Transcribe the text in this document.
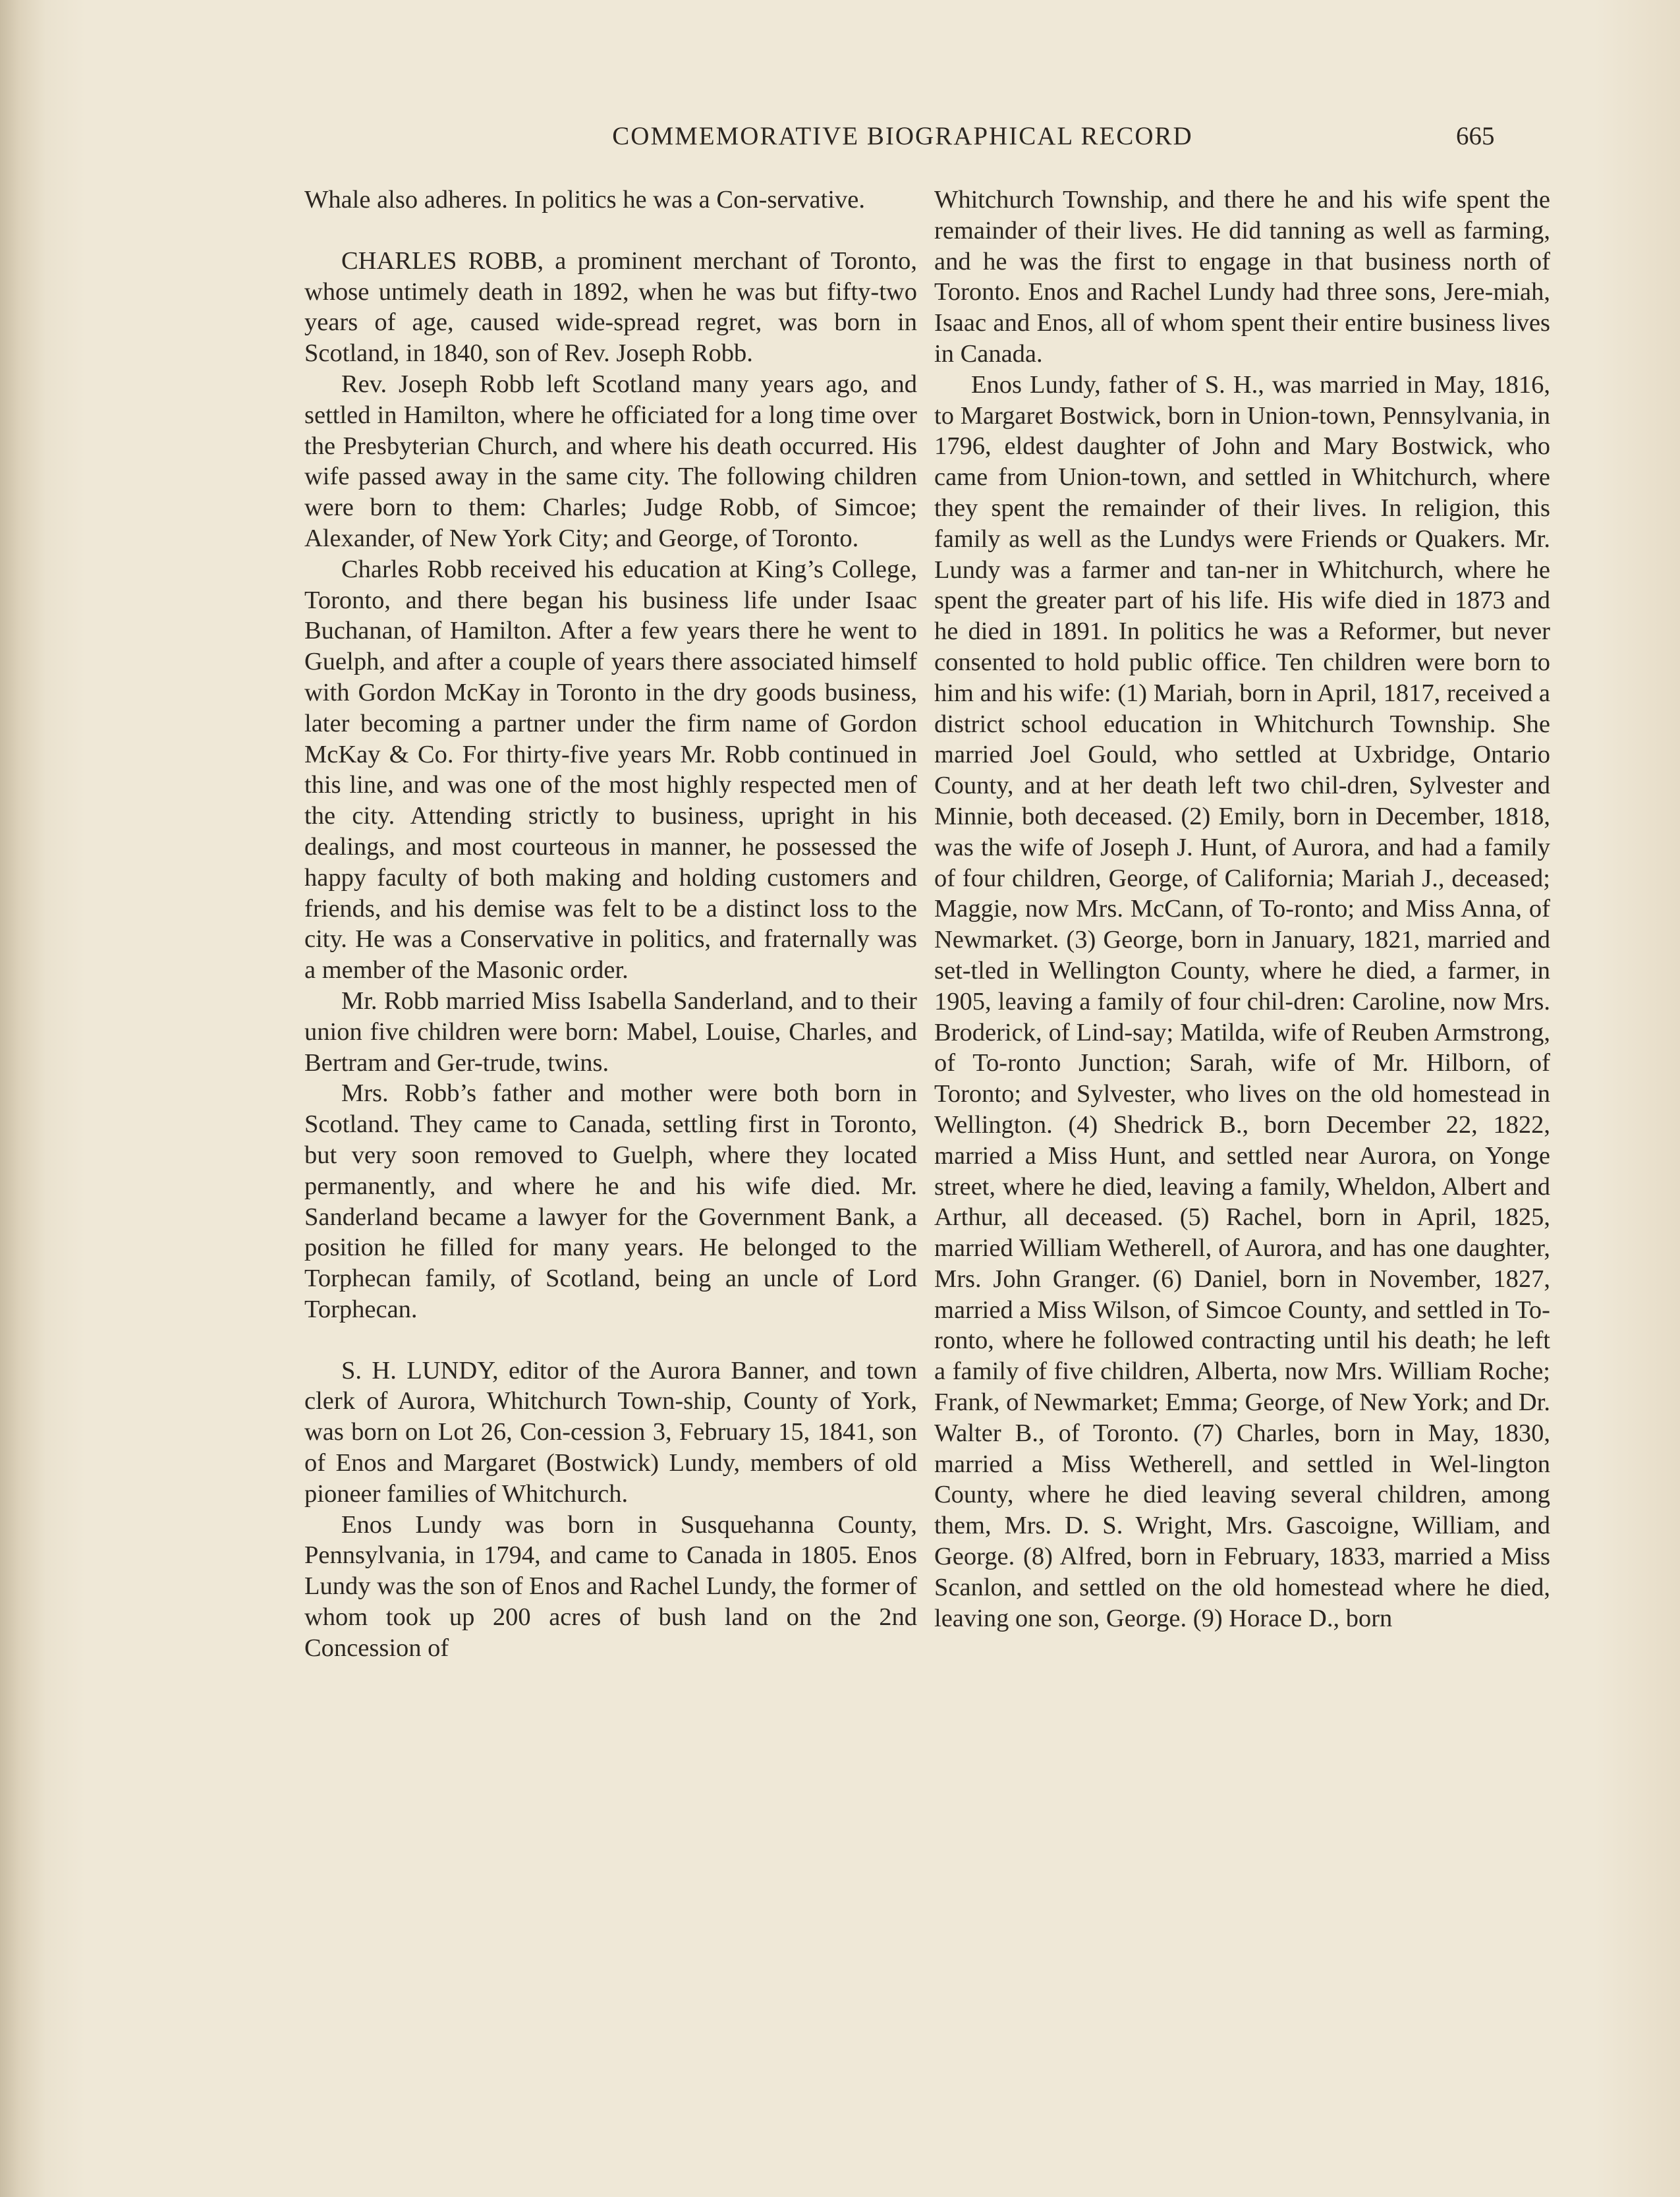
COMMEMORATIVE BIOGRAPHICAL RECORD	665

Whale also adheres. In politics he was a Con-servative.

CHARLES ROBB, a prominent merchant of Toronto, whose untimely death in 1892, when he was but fifty-two years of age, caused wide-spread regret, was born in Scotland, in 1840, son of Rev. Joseph Robb.

Rev. Joseph Robb left Scotland many years ago, and settled in Hamilton, where he officiated for a long time over the Presbyterian Church, and where his death occurred. His wife passed away in the same city. The following children were born to them: Charles; Judge Robb, of Simcoe; Alexander, of New York City; and George, of Toronto.

Charles Robb received his education at King’s College, Toronto, and there began his business life under Isaac Buchanan, of Hamilton. After a few years there he went to Guelph, and after a couple of years there associated himself with Gordon McKay in Toronto in the dry goods business, later becoming a partner under the firm name of Gordon McKay & Co. For thirty-five years Mr. Robb continued in this line, and was one of the most highly respected men of the city. Attending strictly to business, upright in his dealings, and most courteous in manner, he possessed the happy faculty of both making and holding customers and friends, and his demise was felt to be a distinct loss to the city. He was a Conservative in politics, and fraternally was a member of the Masonic order.

Mr. Robb married Miss Isabella Sanderland, and to their union five children were born: Mabel, Louise, Charles, and Bertram and Ger-trude, twins.

Mrs. Robb’s father and mother were both born in Scotland. They came to Canada, settling first in Toronto, but very soon removed to Guelph, where they located permanently, and where he and his wife died. Mr. Sanderland became a lawyer for the Government Bank, a position he filled for many years. He belonged to the Torphecan family, of Scotland, being an uncle of Lord Torphecan.

S. H. LUNDY, editor of the Aurora Banner, and town clerk of Aurora, Whitchurch Town-ship, County of York, was born on Lot 26, Con-cession 3, February 15, 1841, son of Enos and Margaret (Bostwick) Lundy, members of old pioneer families of Whitchurch.

Enos Lundy was born in Susquehanna County, Pennsylvania, in 1794, and came to Canada in 1805. Enos Lundy was the son of Enos and Rachel Lundy, the former of whom took up 200 acres of bush land on the 2nd Concession of

Whitchurch Township, and there he and his wife spent the remainder of their lives. He did tanning as well as farming, and he was the first to engage in that business north of Toronto. Enos and Rachel Lundy had three sons, Jere-miah, Isaac and Enos, all of whom spent their entire business lives in Canada.

Enos Lundy, father of S. H., was married in May, 1816, to Margaret Bostwick, born in Union-town, Pennsylvania, in 1796, eldest daughter of John and Mary Bostwick, who came from Union-town, and settled in Whitchurch, where they spent the remainder of their lives. In religion, this family as well as the Lundys were Friends or Quakers. Mr. Lundy was a farmer and tan-ner in Whitchurch, where he spent the greater part of his life. His wife died in 1873 and he died in 1891. In politics he was a Reformer, but never consented to hold public office. Ten children were born to him and his wife: (1) Mariah, born in April, 1817, received a district school education in Whitchurch Township. She married Joel Gould, who settled at Uxbridge, Ontario County, and at her death left two chil-dren, Sylvester and Minnie, both deceased. (2) Emily, born in December, 1818, was the wife of Joseph J. Hunt, of Aurora, and had a family of four children, George, of California; Mariah J., deceased; Maggie, now Mrs. McCann, of To-ronto; and Miss Anna, of Newmarket. (3) George, born in January, 1821, married and set-tled in Wellington County, where he died, a farmer, in 1905, leaving a family of four chil-dren: Caroline, now Mrs. Broderick, of Lind-say; Matilda, wife of Reuben Armstrong, of To-ronto Junction; Sarah, wife of Mr. Hilborn, of Toronto; and Sylvester, who lives on the old homestead in Wellington. (4) Shedrick B., born December 22, 1822, married a Miss Hunt, and settled near Aurora, on Yonge street, where he died, leaving a family, Wheldon, Albert and Arthur, all deceased. (5) Rachel, born in April, 1825, married William Wetherell, of Aurora, and has one daughter, Mrs. John Granger. (6) Daniel, born in November, 1827, married a Miss Wilson, of Simcoe County, and settled in To-ronto, where he followed contracting until his death; he left a family of five children, Alberta, now Mrs. William Roche; Frank, of Newmarket; Emma; George, of New York; and Dr. Walter B., of Toronto. (7) Charles, born in May, 1830, married a Miss Wetherell, and settled in Wel-lington County, where he died leaving several children, among them, Mrs. D. S. Wright, Mrs. Gascoigne, William, and George. (8) Alfred, born in February, 1833, married a Miss Scanlon, and settled on the old homestead where he died, leaving one son, George. (9) Horace D., born
